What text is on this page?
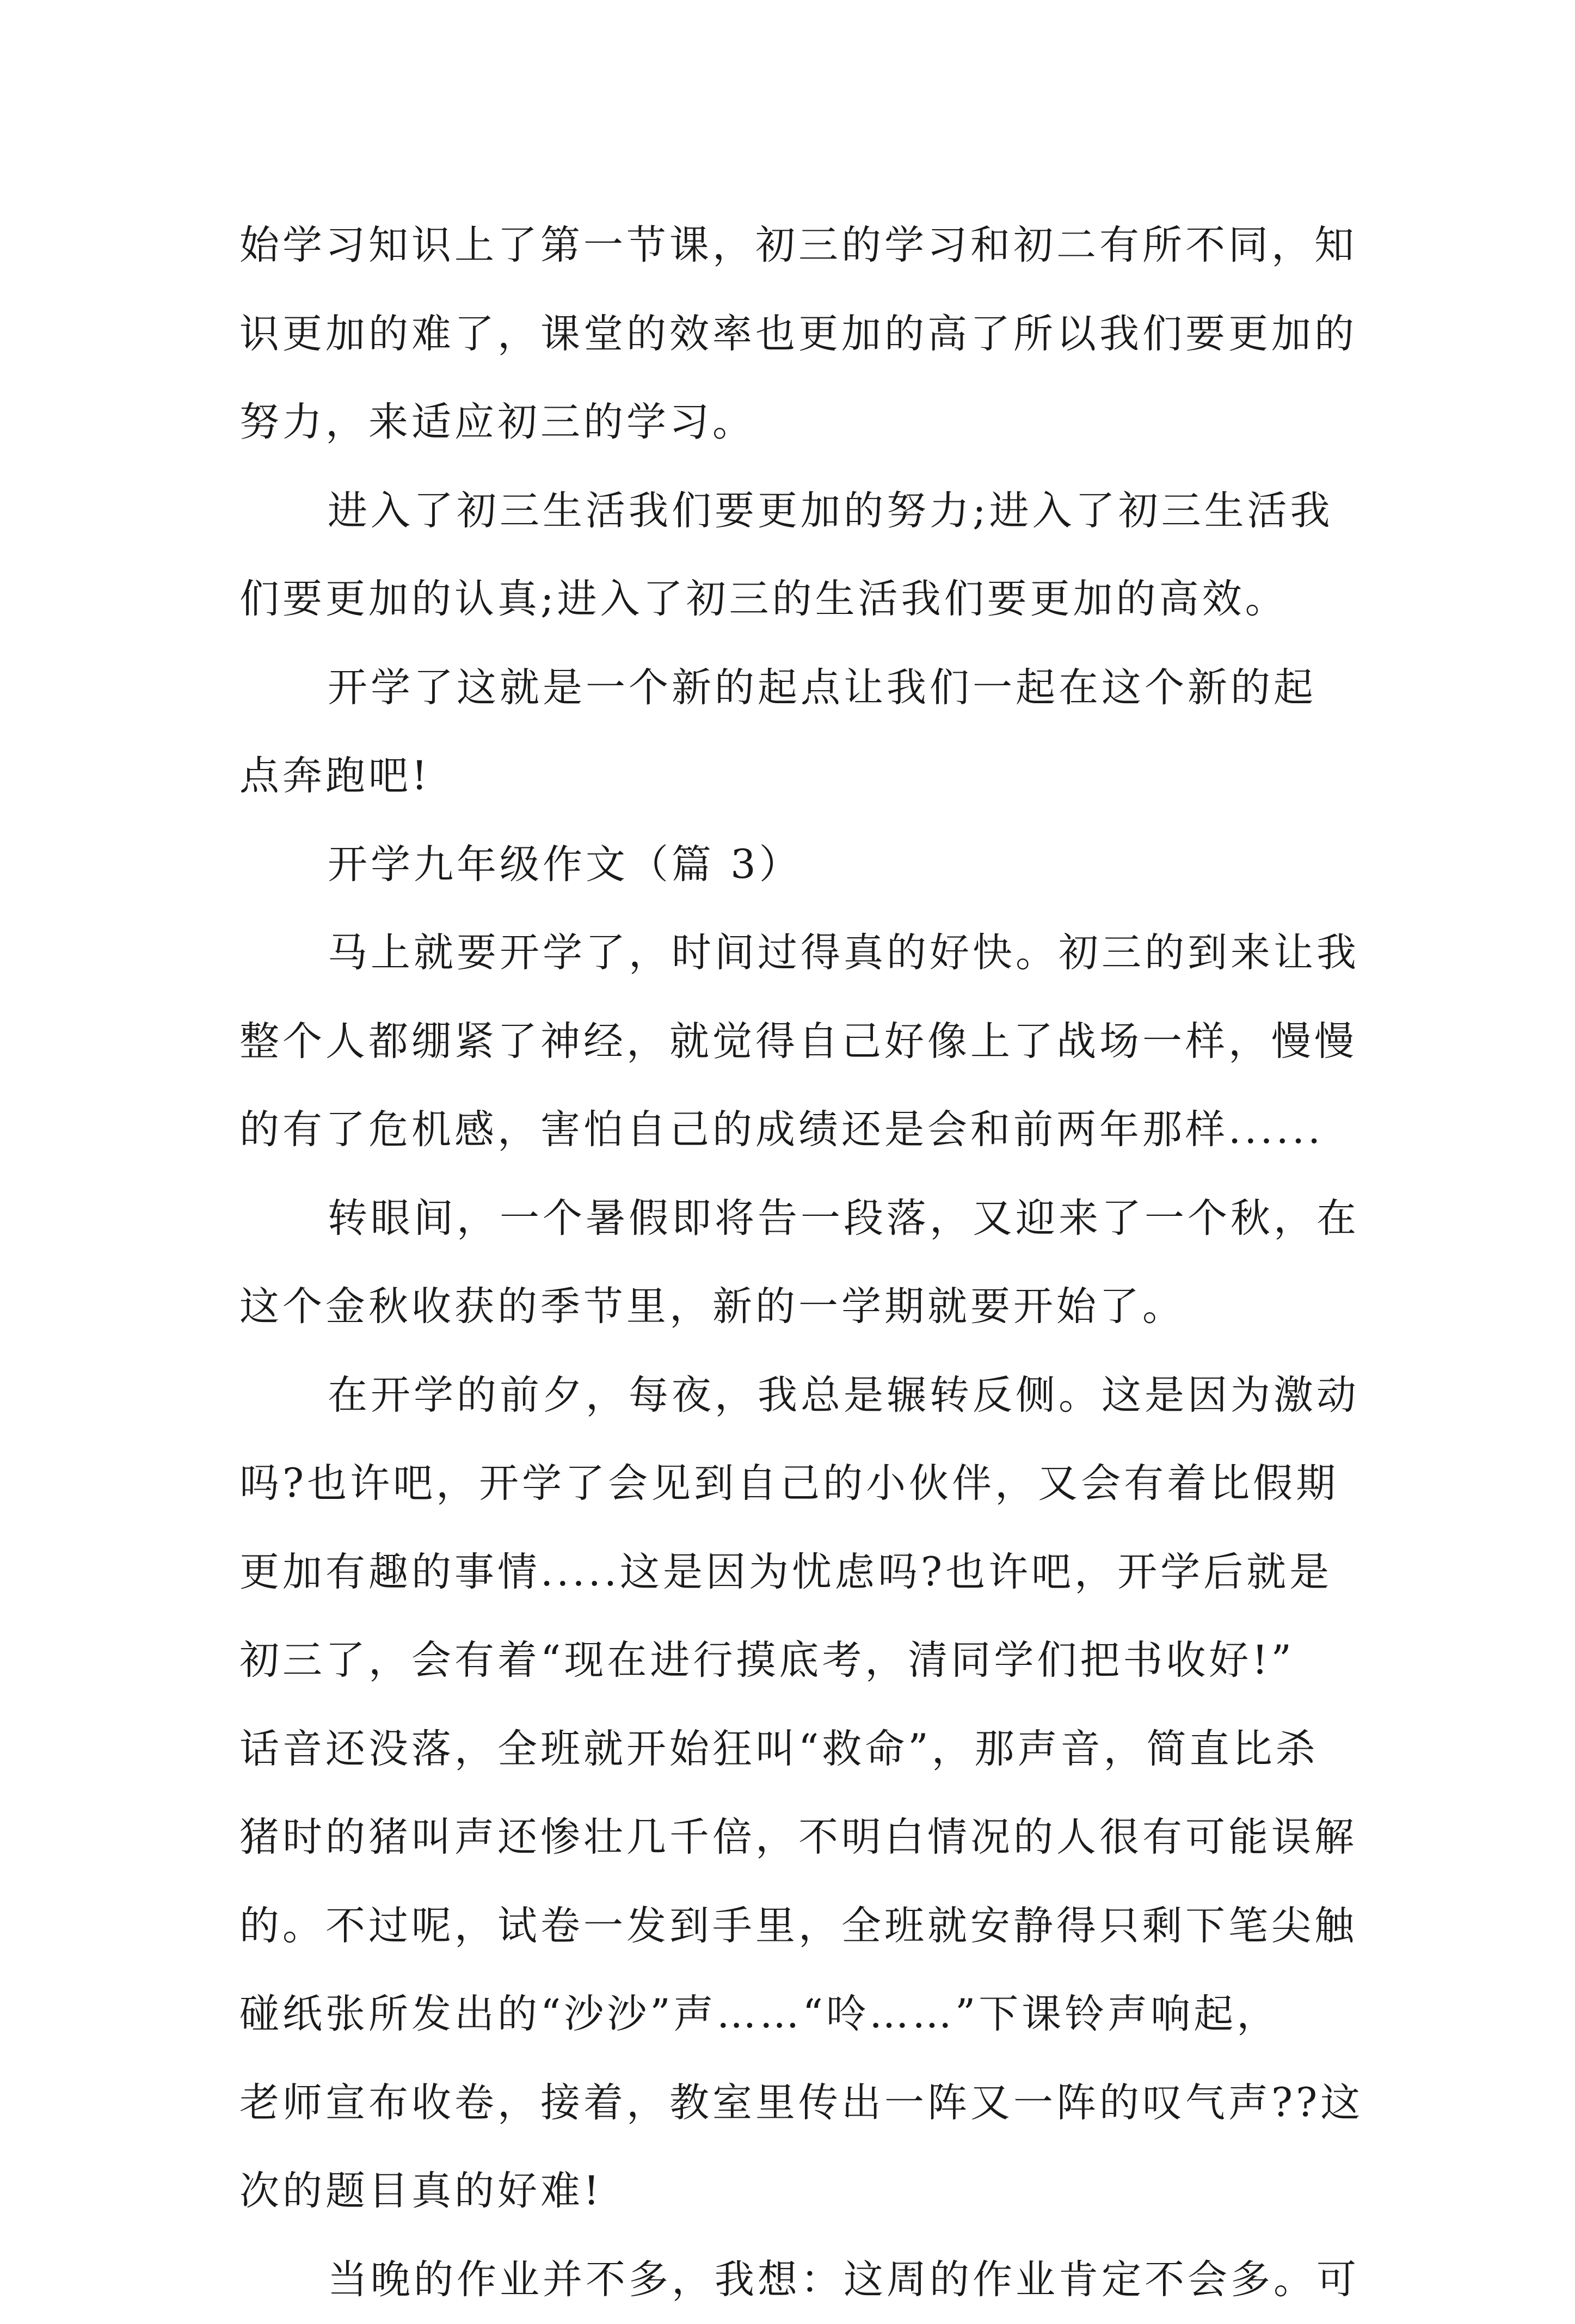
始学习知识上了第一节课，初三的学习和初二有所不同，知
识更加的难了，课堂的效率也更加的高了所以我们要更加的
努力，来适应初三的学习。
进入了初三生活我们要更加的努力;进入了初三生活我
们要更加的认真;进入了初三的生活我们要更加的高效。
开学了这就是一个新的起点让我们一起在这个新的起
点奔跑吧!
开学九年级作文（篇 3）
马上就要开学了，时间过得真的好快。初三的到来让我
整个人都绷紧了神经，就觉得自己好像上了战场一样，慢慢
的有了危机感，害怕自己的成绩还是会和前两年那样......
转眼间，一个暑假即将告一段落，又迎来了一个秋，在
这个金秋收获的季节里，新的一学期就要开始了。
在开学的前夕，每夜，我总是辗转反侧。这是因为激动
吗?也许吧，开学了会见到自己的小伙伴，又会有着比假期
更加有趣的事情.....这是因为忧虑吗?也许吧，开学后就是
初三了，会有着“现在进行摸底考，清同学们把书收好!”
话音还没落，全班就开始狂叫“救命”，那声音，简直比杀
猪时的猪叫声还惨壮几千倍，不明白情况的人很有可能误解
的。不过呢，试卷一发到手里，全班就安静得只剩下笔尖触
碰纸张所发出的“沙沙”声……“呤……”下课铃声响起，
老师宣布收卷，接着，教室里传出一阵又一阵的叹气声??这
次的题目真的好难!
当晚的作业并不多，我想：这周的作业肯定不会多。可
